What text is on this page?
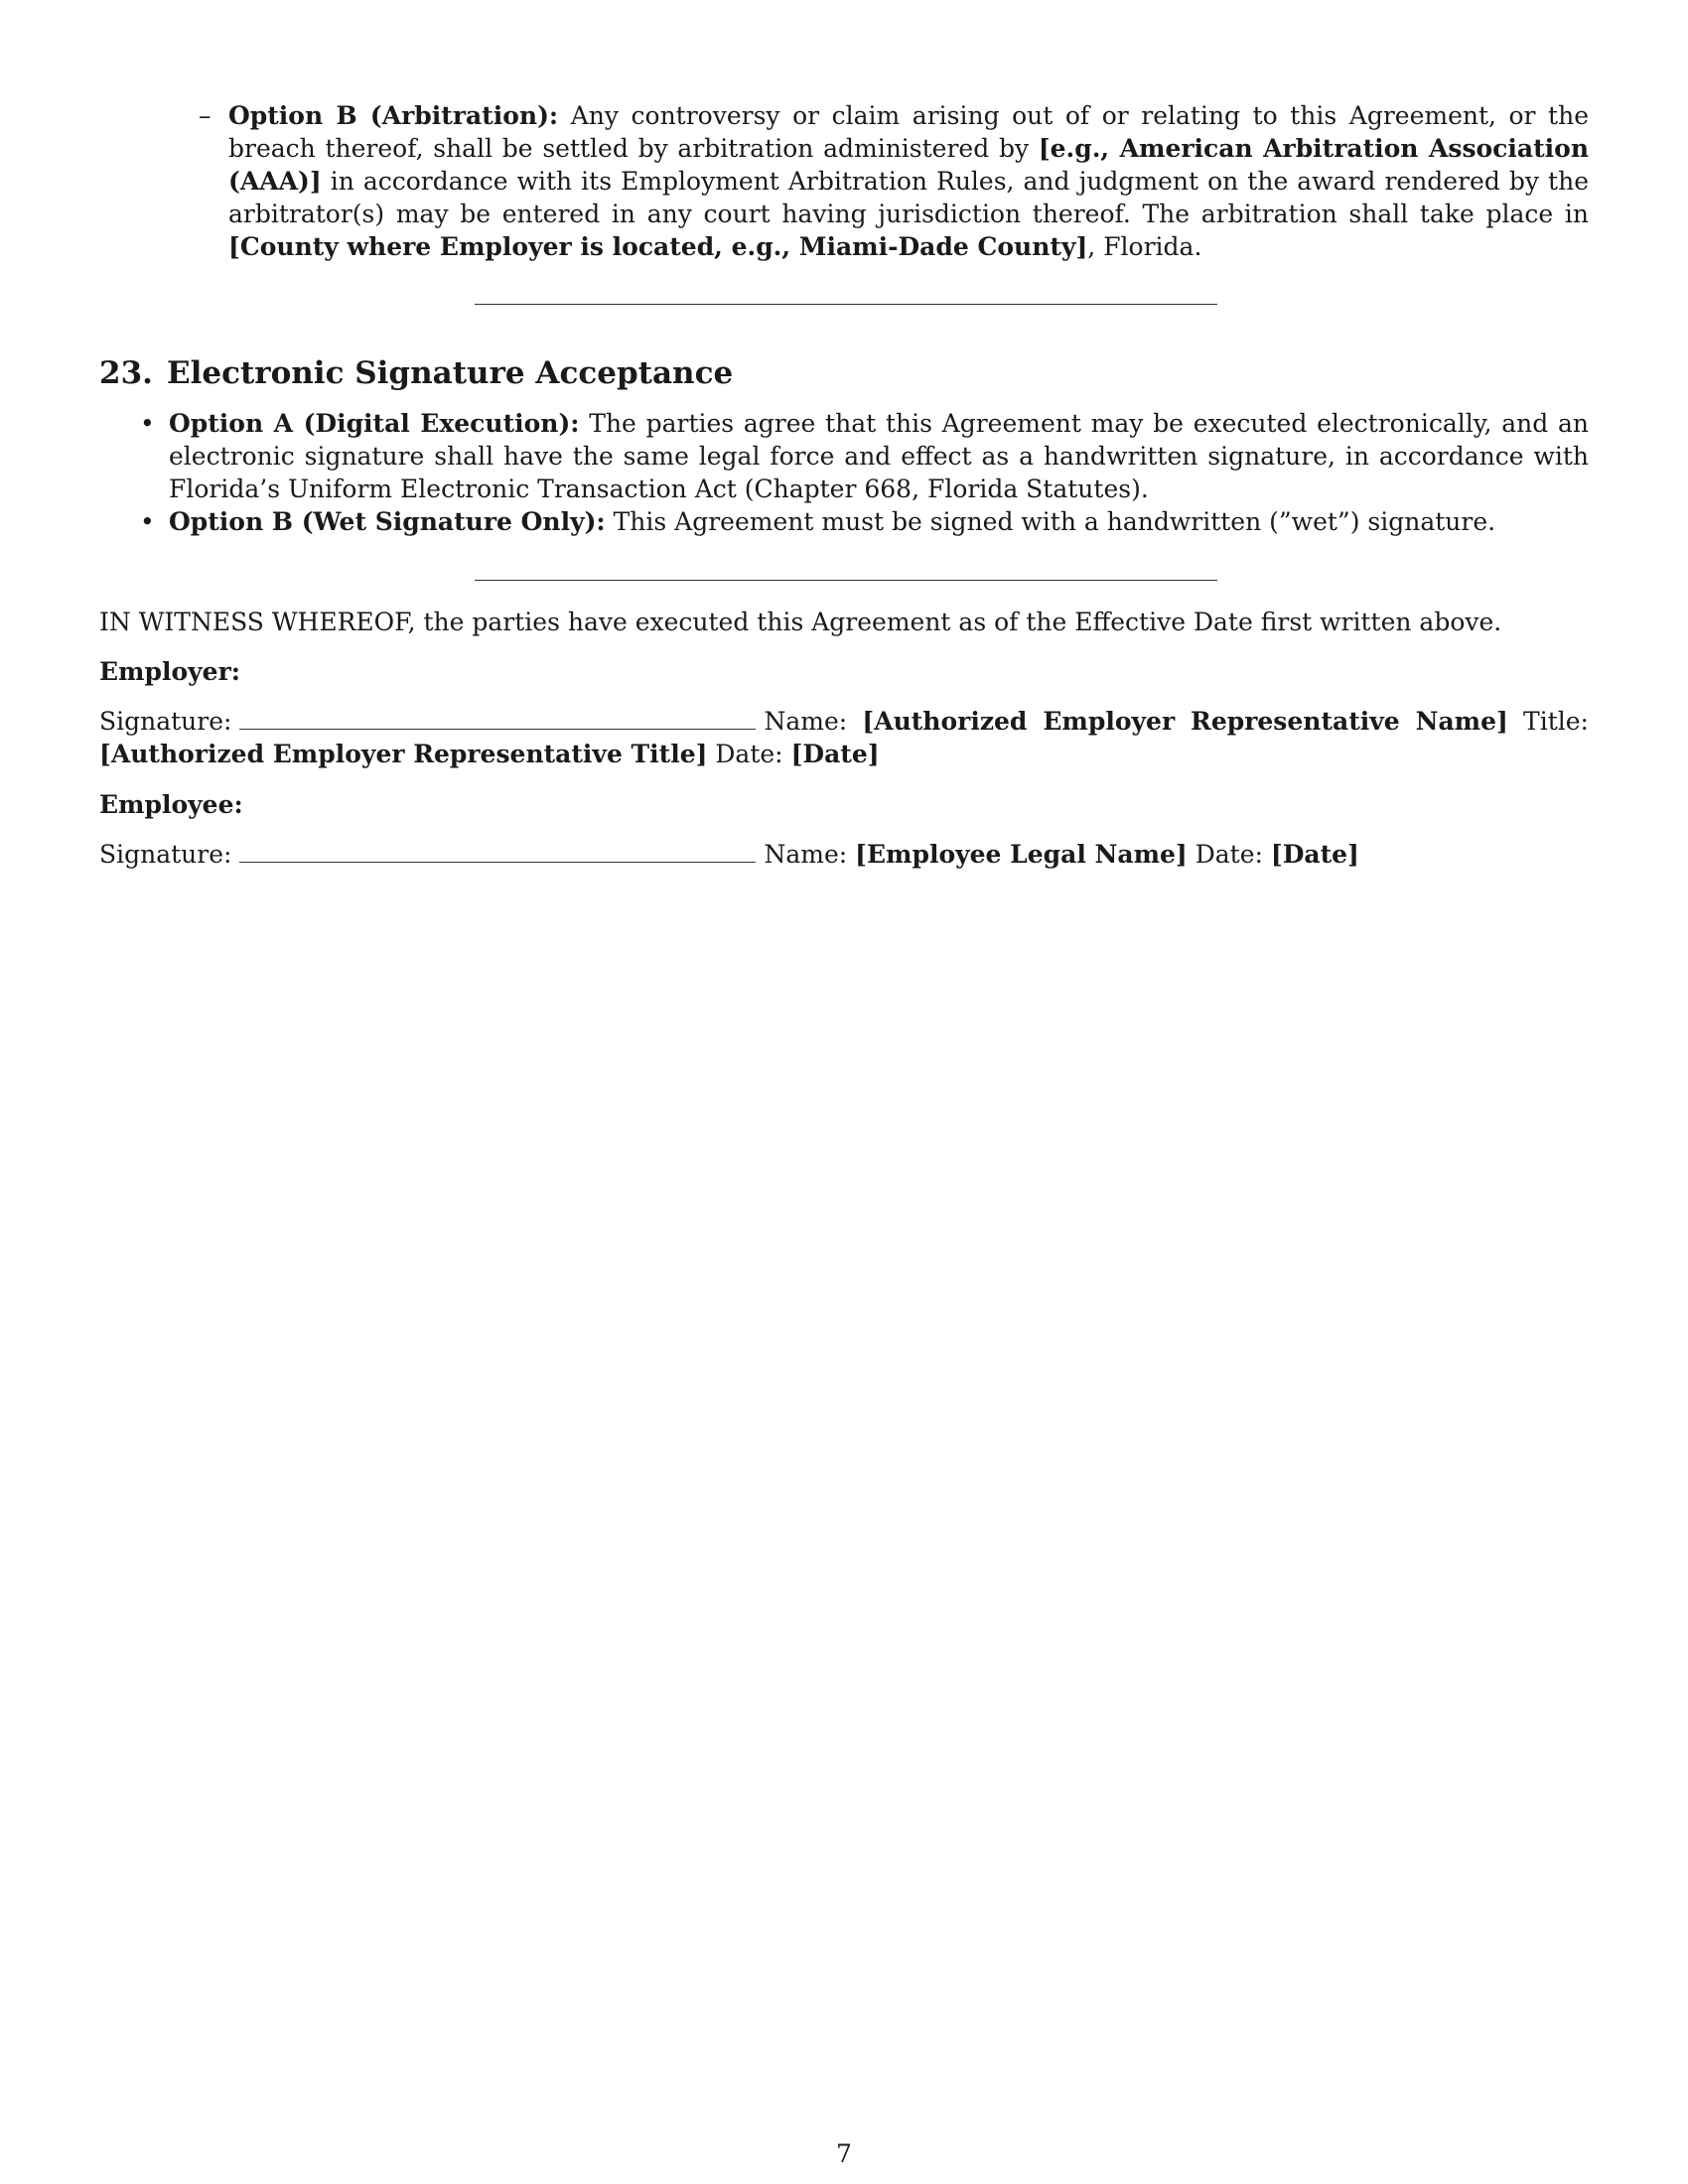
– Option B (Arbitration): Any controversy or claim arising out of or relating to this Agreement, or the breach thereof, shall be settled by arbitration administered by [e.g., American Arbitration Association (AAA)] in accordance with its Employment Arbitration Rules, and judgment on the award rendered by the arbitrator(s) may be entered in any court having jurisdiction thereof. The arbitration shall take place in [County where Employer is located, e.g., Miami-Dade County], Florida.
23. Electronic Signature Acceptance

• Option A (Digital Execution): The parties agree that this Agreement may be executed electronically, and an electronic signature shall have the same legal force and effect as a handwritten signature, in accordance with Florida’s Uniform Electronic Transaction Act (Chapter 668, Florida Statutes).

• Option B (Wet Signature Only): This Agreement must be signed with a handwritten (”wet”) signature.

IN WITNESS WHEREOF, the parties have executed this Agreement as of the Effective Date first written above.
Employer:
Signature:	Name: [Authorized Employer Representative Name] Title: [Authorized Employer Representative Title] Date: [Date]
Employee:
Signature:	Name: [Employee Legal Name] Date: [Date]
7
